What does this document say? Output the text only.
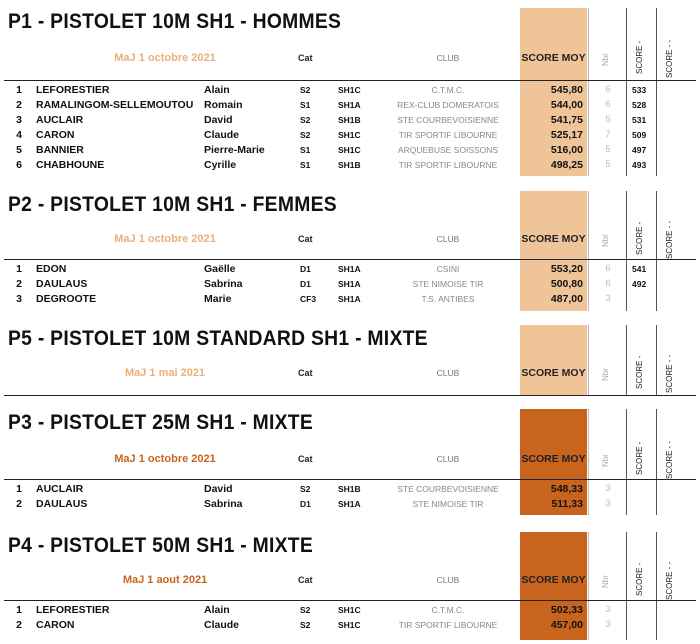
P1 - PISTOLET 10M SH1 - HOMMES
MaJ 1 octobre 2021	Cat	CLUB	SCORE MOY Nbr	SCORE -	SCORE - -
1 LEFORESTIER	Alain	S2	SH1C	C.T.M.C.	545,80	6	533
2 RAMALINGOM-SELLEMOUTOU Romain	S1	SH1A	REX-CLUB DOMERATOIS	544,00	6	528
3 AUCLAIR	David	S2	SH1B	STE COURBEVOISIENNE	541,75	5	531
4 CARON	Claude	S2	SH1C	TIR SPORTIF LIBOURNE	525,17	7	509
5 BANNIER	Pierre-Marie	S1	SH1C	ARQUEBUSE SOISSONS	516,00	5	497
6 CHABHOUNE	Cyrille	S1	SH1B	TIR SPORTIF LIBOURNE	498,25	5	493
P2 - PISTOLET 10M SH1 - FEMMES
MaJ 1 octobre 2021	Cat	CLUB	SCORE MOY Nbr	SCORE -	SCORE - -
1 EDON	Gaëlle	D1	SH1A	CSINI	553,20	6	541
2 DAULAUS	Sabrina	D1	SH1A	STE NIMOISE TIR	500,80	6	492
3 DEGROOTE	Marie	CF3	SH1A	T.S. ANTIBES	487,00	3
P5 - PISTOLET 10M STANDARD SH1 - MIXTE
MaJ 1 mai 2021	Cat	CLUB	SCORE MOY Nbr	SCORE -	SCORE - -
P3 - PISTOLET 25M SH1 - MIXTE
MaJ 1 octobre 2021	Cat	CLUB	SCORE MOY Nbr	SCORE -	SCORE - -
1 AUCLAIR	David	S2	SH1B	STE COURBEVOISIENNE	548,33	3
2 DAULAUS	Sabrina	D1	SH1A	STE NIMOISE TIR	511,33	3
P4 - PISTOLET 50M SH1 - MIXTE
MaJ 1 aout 2021	Cat	CLUB	SCORE MOY Nbr	SCORE -	SCORE - -
1 LEFORESTIER	Alain	S2	SH1C	C.T.M.C.	502,33	3
2 CARON	Claude	S2	SH1C	TIR SPORTIF LIBOURNE	457,00	3
